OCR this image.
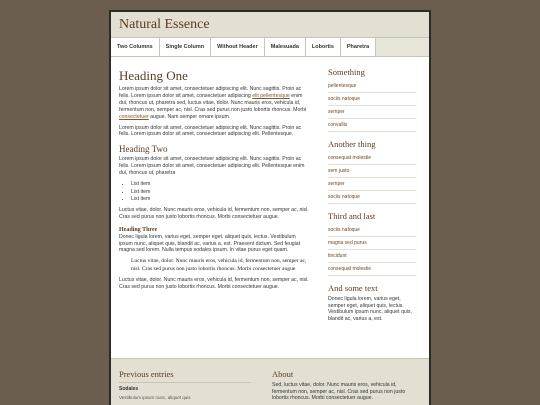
Natural Essence
Two Columns	Single Column	Without Header	Malesuada	Lobortis	Pharetra
Heading One

Lorem ipsum dolor sit amet, consectetuer adipiscing elit. Nunc sagittis. Proin ac felis. Lorem ipsum dolor sit amet, consectetuer adipiscing elit pellentesque enim dui, rhoncus ut, pharetra sed, luctus vitae, dolor. Nunc mauris eros, vehicula id, fermentum non, semper ac, nisl. Cras sed purus non justo lobortis rhoncus. Morbi consectetuer augue. Nam semper ornare ipsum.

Lorem ipsum dolor sit amet, consectetuer adipiscing elit. Nunc sagittis. Proin ac felis. Lorem ipsum dolor sit amet, consectetuer adipiscing elit. Pellentesque.

Heading Two

Lorem ipsum dolor sit amet, consectetuer adipiscing elit. Nunc sagittis. Proin ac felis. Lorem ipsum dolor sit amet, consectetuer adipiscing elit. Pellentesque enim dui, rhoncus ut, pharetra

• List item
• List item
• List item

Luctus vitae, dolor. Nunc mauris eros, vehicula id, fermentum non, semper ac, nisl. Cras sed purus non justo lobortis rhoncus. Morbi consectetuer augue.

Heading Three

Donec ligula lorem, varius eget, semper eget, aliquet quis, lectus. Vestibulum ipsum nunc, aliquet quis, blandit ac, varius a, est. Praesent dictum. Sed feugiat magna sed lorem. Nulla tempus sodales ipsum. In vitae purus eget quam.

Luctus vitae, dolor. Nunc mauris eros, vehicula id, fermentum non, semper ac, nisl. Cras sed purus non justo lobortis rhoncus. Morbi consectetuer augue

Luctus vitae, dolor. Nunc mauris eros, vehicula id, fermentum non, semper ac, nisl. Cras sed purus non justo lobortis rhoncus. Morbi consectetuer augue.

Something
pellentesque
sociis natoque
semper
convallis
Another thing
consequat molestie
sem justo
semper
sociis natoque
Third and last
sociis natoque
magna sed purus
tincidunt
consequat molestie
And some text

Donec ligula lorem, varius eget, semper eget, aliquet quis, lectus. Vestibulum ipsum nunc, aliquet quis, blandit ac, varius a, est.

Previous entries
Sodales
Vestibulum ipsum nunc, aliquet quis
About

Sed, luctus vitae, dolor. Nunc mauris eros, vehicula id, fermentum non, semper ac, nisl. Cras sed purus non justo lobortis rhoncus. Morbi consectetuer augue.
